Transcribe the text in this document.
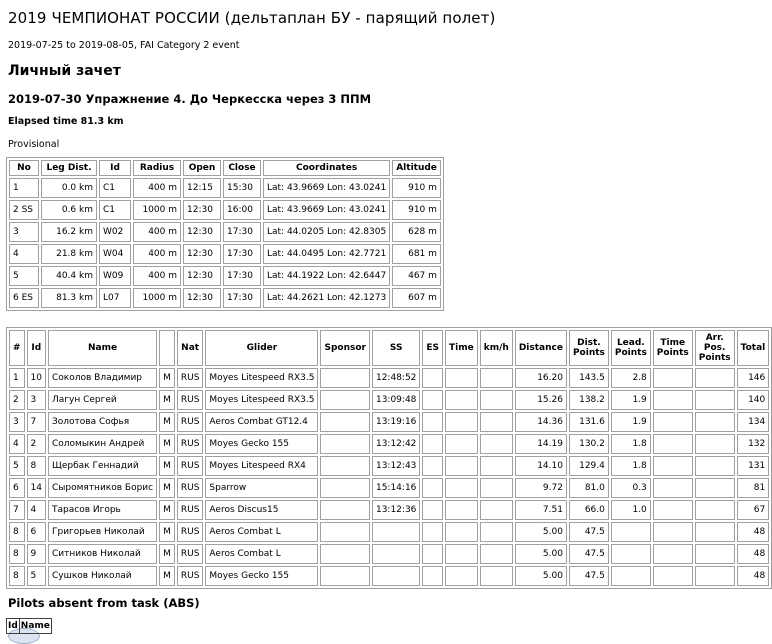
2019 ЧЕМПИОНАТ РОССИИ (дельтаплан БУ - парящий полет)
2019-07-25 to 2019-08-05, FAI Category 2 event
Личный зачет
2019-07-30 Упражнение 4. До Черкесска через 3 ППМ
Elapsed time 81.3 km
Provisional
No	Leg Dist.	Id	Radius	Open	Close	Coordinates	Altitude
1	0.0 km	C1	400 m	12:15	15:30	Lat: 43.9669 Lon: 43.0241	910 m
2 SS	0.6 km	C1	1000 m	12:30	16:00	Lat: 43.9669 Lon: 43.0241	910 m
3	16.2 km	W02	400 m	12:30	17:30	Lat: 44.0205 Lon: 42.8305	628 m
4	21.8 km	W04	400 m	12:30	17:30	Lat: 44.0495 Lon: 42.7721	681 m
5	40.4 km	W09	400 m	12:30	17:30	Lat: 44.1922 Lon: 42.6447	467 m
6 ES	81.3 km	L07	1000 m	12:30	17:30	Lat: 44.2621 Lon: 42.1273	607 m
#	Id	Name		Nat	Glider	Sponsor	SS	ES	Time	km/h	Distance	Dist. Points	Lead. Points	Time Points	Arr. Pos. Points	Total
1	10	Соколов Владимир	M	RUS	Moyes Litespeed RX3.5		12:48:52				16.20	143.5	2.8			146
2	3	Лагун Сергей	M	RUS	Moyes Litespeed RX3.5		13:09:48				15.26	138.2	1.9			140
3	7	Золотова Софья	M	RUS	Aeros Combat GT12.4		13:19:16				14.36	131.6	1.9			134
4	2	Соломыкин Андрей	M	RUS	Moyes Gecko 155		13:12:42				14.19	130.2	1.8			132
5	8	Щербак Геннадий	M	RUS	Moyes Litespeed RX4		13:12:43				14.10	129.4	1.8			131
6	14	Сыромятников Борис	M	RUS	Sparrow		15:14:16				9.72	81.0	0.3			81
7	4	Тарасов Игорь	M	RUS	Aeros Discus15		13:12:36				7.51	66.0	1.0			67
8	6	Григорьев Николай	M	RUS	Aeros Combat L						5.00	47.5				48
8	9	Ситников Николай	M	RUS	Aeros Combat L						5.00	47.5				48
8	5	Сушков Николай	M	RUS	Moyes Gecko 155						5.00	47.5				48
Pilots absent from task (ABS)
Id	Name
